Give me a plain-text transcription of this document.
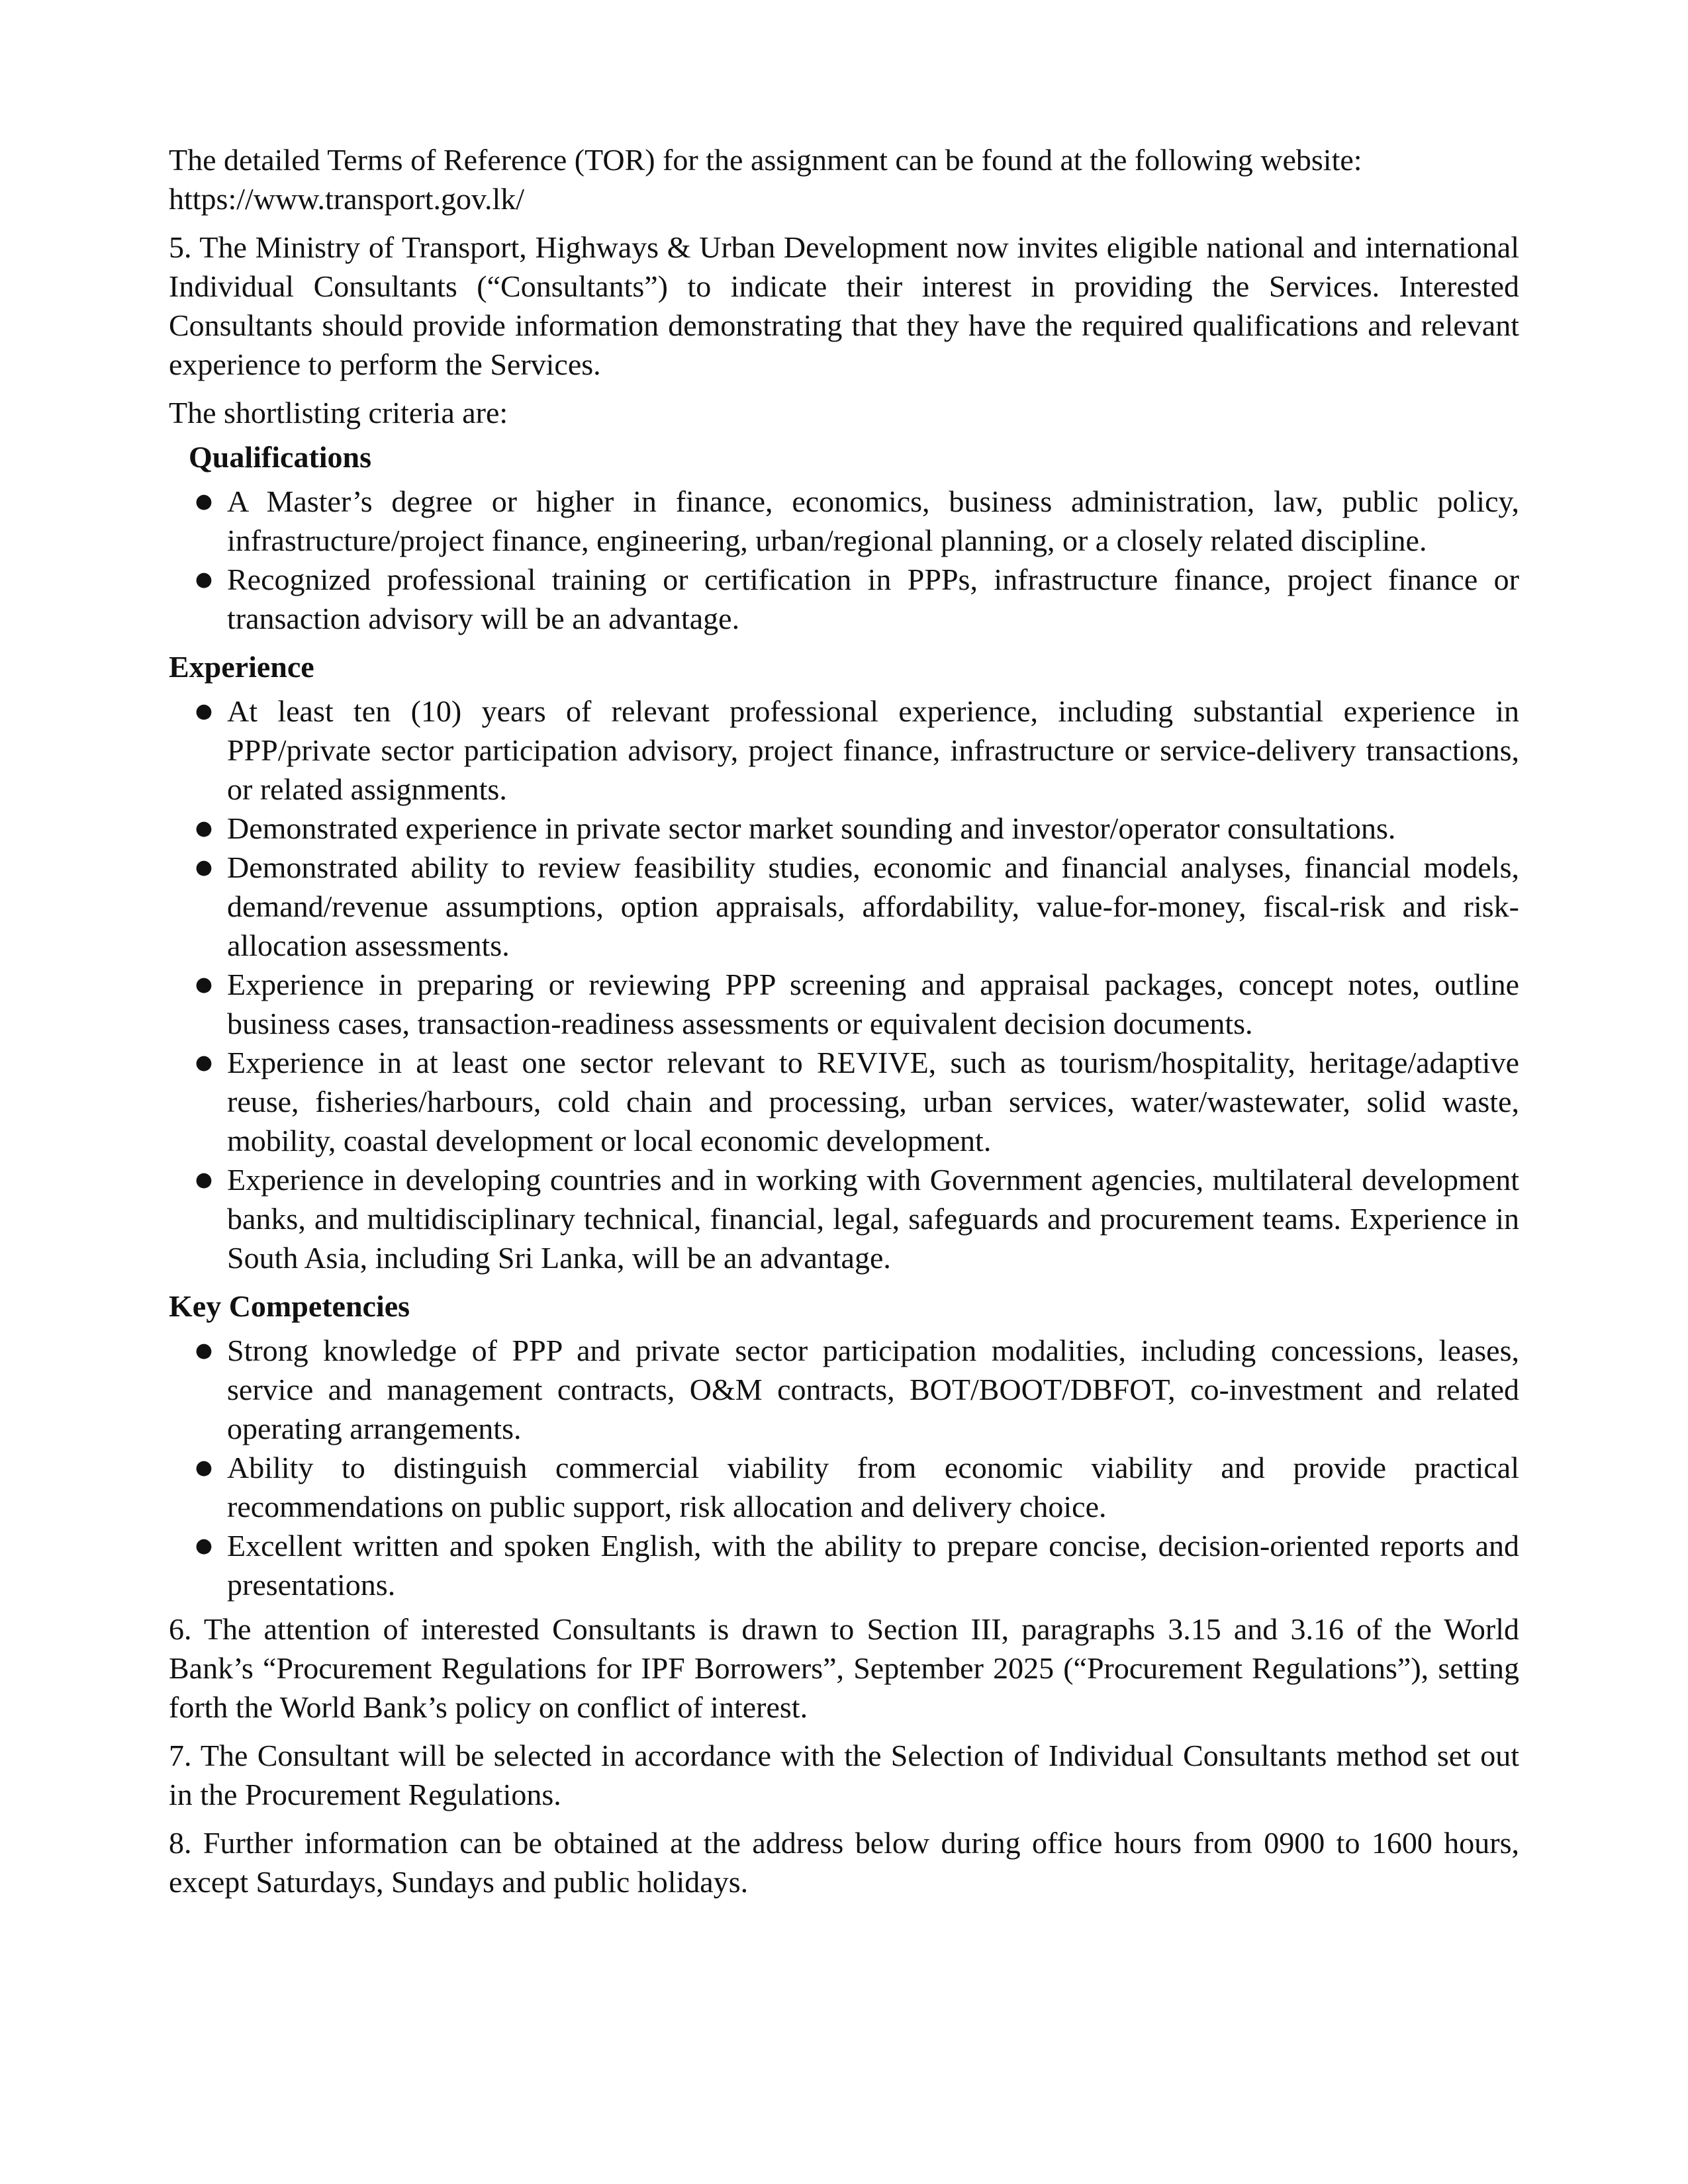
The detailed Terms of Reference (TOR) for the assignment can be found at the following website:
https://www.transport.gov.lk/

5. The Ministry of Transport, Highways & Urban Development now invites eligible national and international Individual Consultants (“Consultants”) to indicate their interest in providing the Services. Interested Consultants should provide information demonstrating that they have the required qualifications and relevant experience to perform the Services.

The shortlisting criteria are:

Qualifications
● A Master’s degree or higher in finance, economics, business administration, law, public policy, infrastructure/project finance, engineering, urban/regional planning, or a closely related discipline.
● Recognized professional training or certification in PPPs, infrastructure finance, project finance or transaction advisory will be an advantage.
Experience
● At least ten (10) years of relevant professional experience, including substantial experience in PPP/private sector participation advisory, project finance, infrastructure or service-delivery transactions, or related assignments.
● Demonstrated experience in private sector market sounding and investor/operator consultations.
● Demonstrated ability to review feasibility studies, economic and financial analyses, financial models, demand/revenue assumptions, option appraisals, affordability, value-for-money, fiscal-risk and risk-allocation assessments.
● Experience in preparing or reviewing PPP screening and appraisal packages, concept notes, outline business cases, transaction-readiness assessments or equivalent decision documents.
● Experience in at least one sector relevant to REVIVE, such as tourism/hospitality, heritage/adaptive reuse, fisheries/harbours, cold chain and processing, urban services, water/wastewater, solid waste, mobility, coastal development or local economic development.
● Experience in developing countries and in working with Government agencies, multilateral development banks, and multidisciplinary technical, financial, legal, safeguards and procurement teams. Experience in South Asia, including Sri Lanka, will be an advantage.
Key Competencies
● Strong knowledge of PPP and private sector participation modalities, including concessions, leases, service and management contracts, O&M contracts, BOT/BOOT/DBFOT, co-investment and related operating arrangements.
● Ability to distinguish commercial viability from economic viability and provide practical recommendations on public support, risk allocation and delivery choice.
● Excellent written and spoken English, with the ability to prepare concise, decision-oriented reports and presentations.

6. The attention of interested Consultants is drawn to Section III, paragraphs 3.15 and 3.16 of the World Bank’s “Procurement Regulations for IPF Borrowers”, September 2025 (“Procurement Regulations”), setting forth the World Bank’s policy on conflict of interest.

7. The Consultant will be selected in accordance with the Selection of Individual Consultants method set out in the Procurement Regulations.

8. Further information can be obtained at the address below during office hours from 0900 to 1600 hours, except Saturdays, Sundays and public holidays.
